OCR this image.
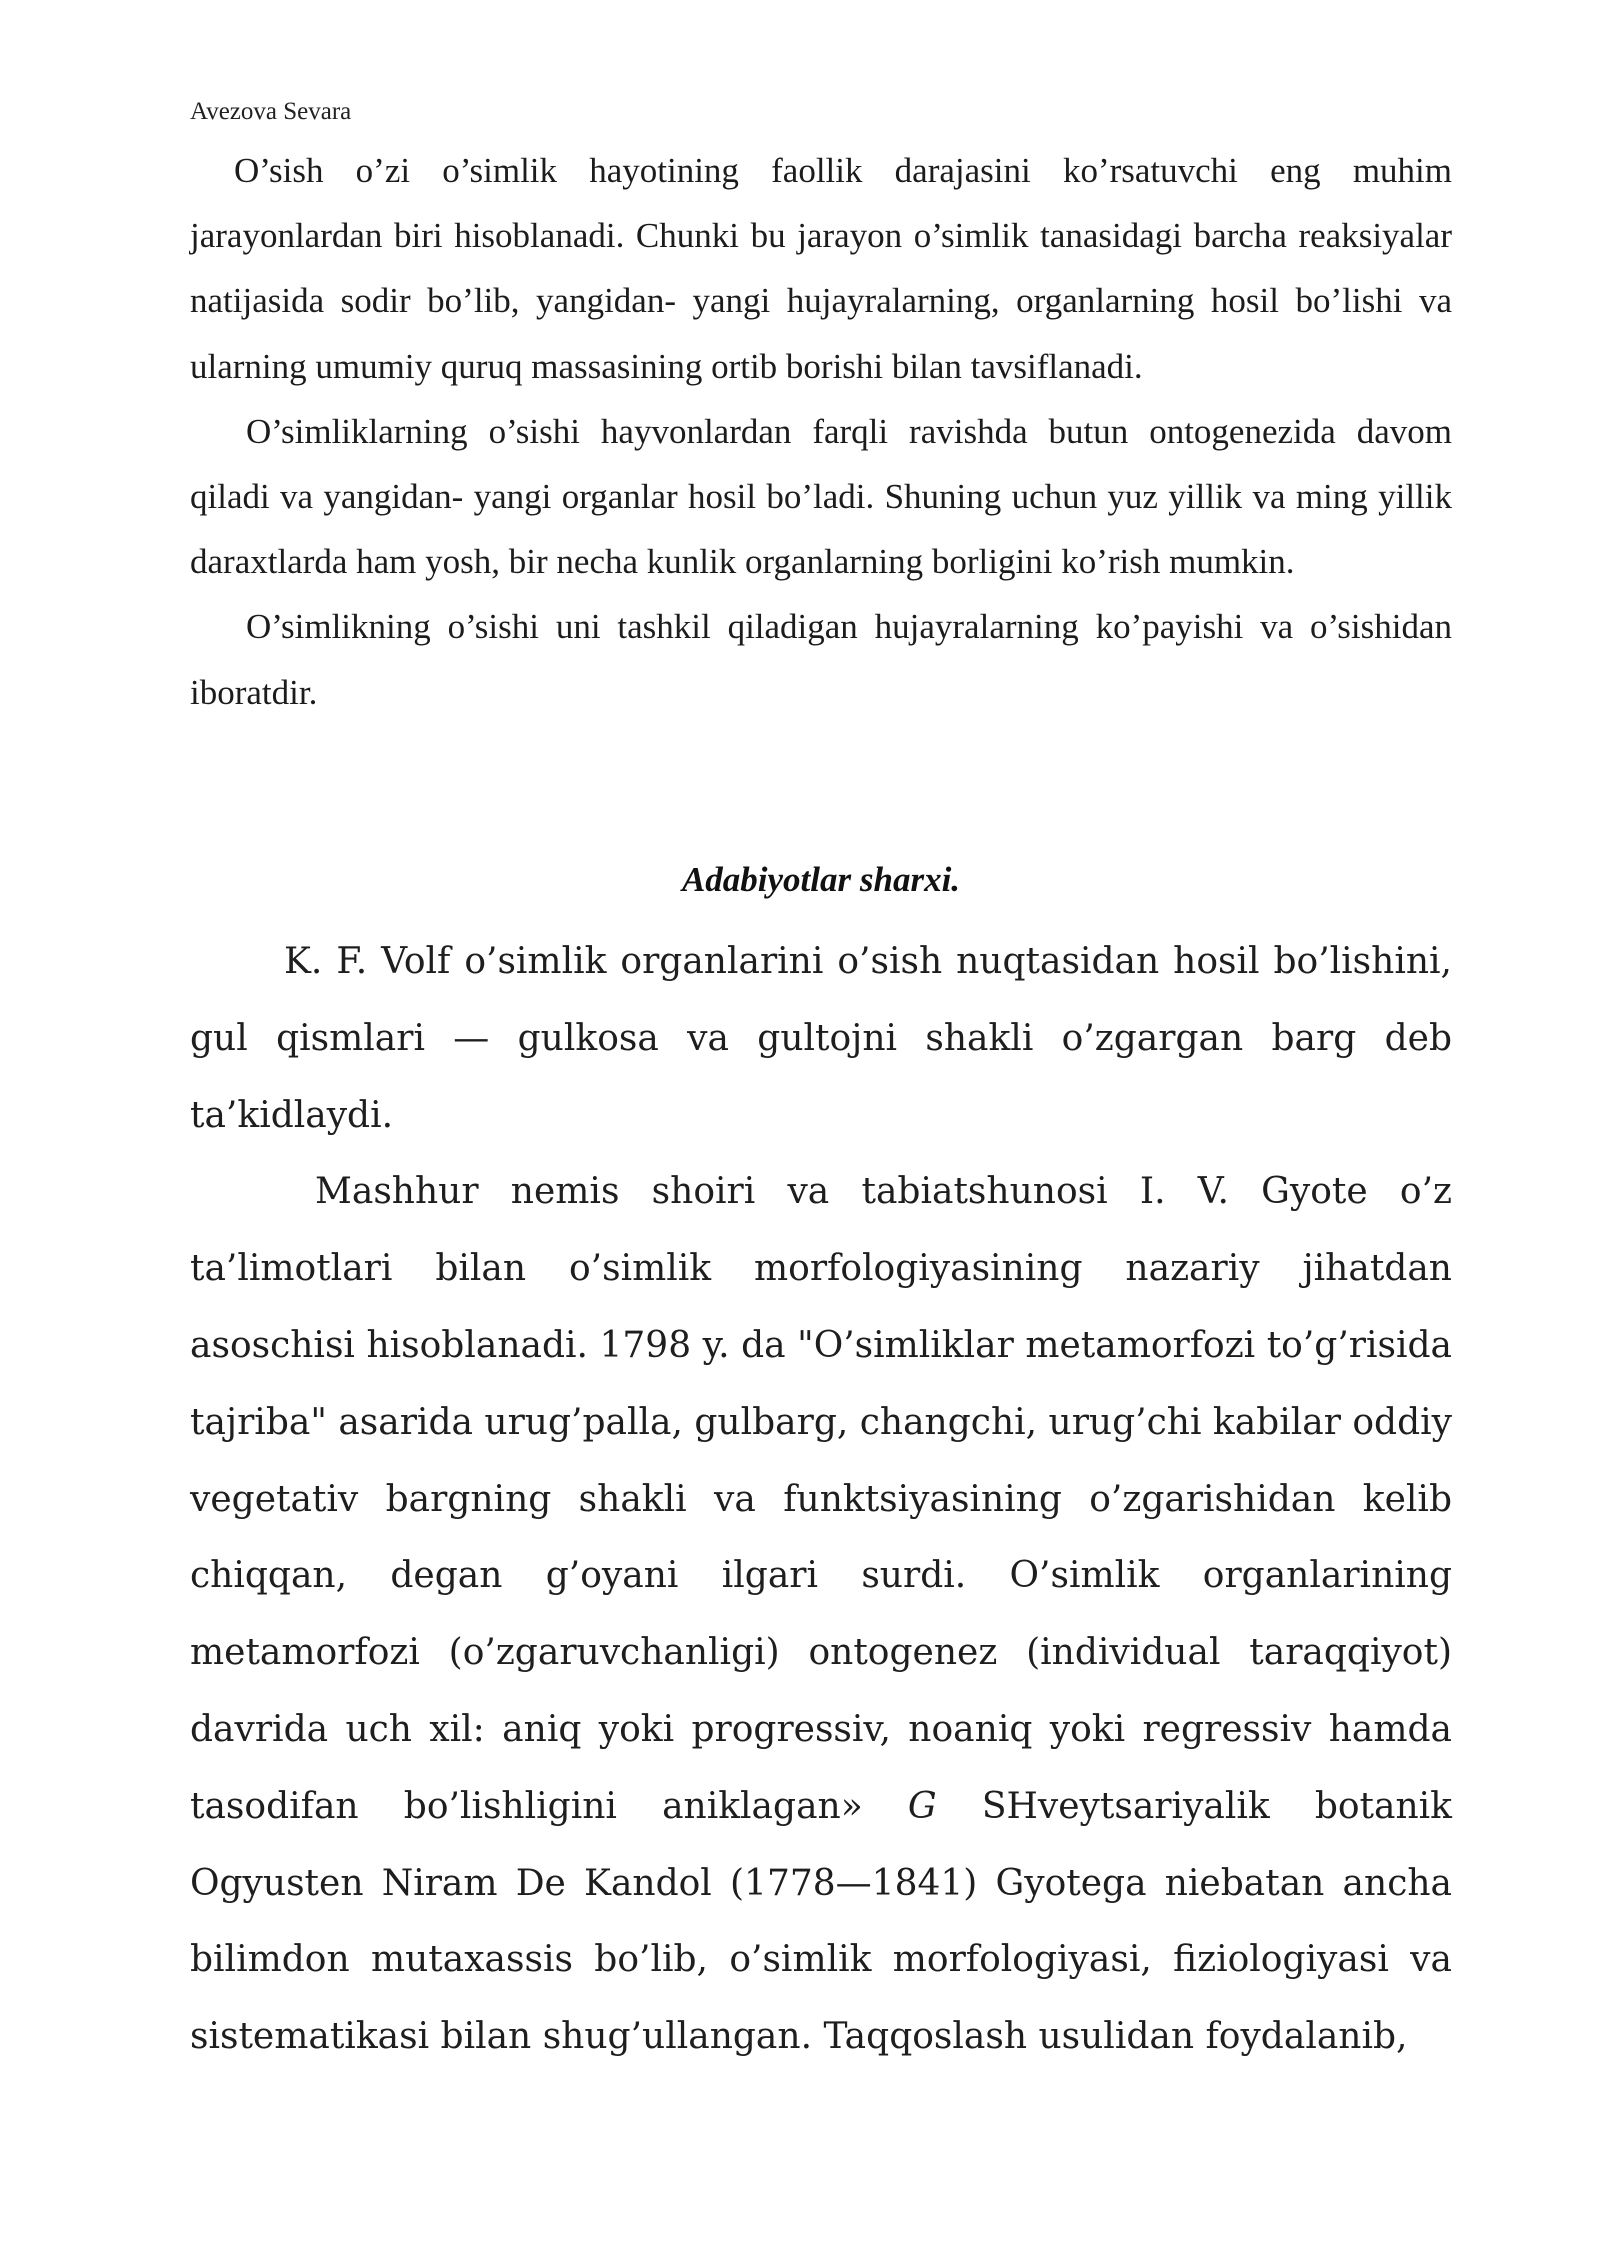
Avezova Sevara

O’sish o’zi o’simlik hayotining faollik darajasini ko’rsatuvchi eng muhim jarayonlardan biri hisoblanadi. Chunki bu jarayon o’simlik tanasidagi barcha reaksiyalar natijasida sodir bo’lib, yangidan- yangi hujayralarning, organlarning hosil bo’lishi va ularning umumiy quruq massasining ortib borishi bilan tavsiflanadi.

O’simliklarning o’sishi hayvonlardan farqli ravishda butun ontogenezida davom qiladi va yangidan- yangi organlar hosil bo’ladi. Shuning uchun yuz yillik va ming yillik daraxtlarda ham yosh, bir necha kunlik organlarning borligini ko’rish mumkin.

O’simlikning o’sishi uni tashkil qiladigan hujayralarning ko’payishi va o’sishidan iboratdir.

Adabiyotlar sharxi.

K. F. Volf o’simlik organlarini o’sish nuqtasidan hosil bo’lishini, gul qismlari — gulkosa va gultojni shakli o’zgargan barg deb ta’kidlaydi.

Mashhur nemis shoiri va tabiatshunosi I. V. Gyote o’z ta’limotlari bilan o’simlik morfologiyasining nazariy jihatdan asoschisi hisoblanadi. 1798 y. da "O’simliklar metamorfozi to’g’risida tajriba" asarida urug’palla, gulbarg, changchi, urug’chi kabilar oddiy vegetativ bargning shakli va funktsiyasining o’zgarishidan kelib chiqqan, degan g’oyani ilgari surdi. O’simlik organlarining metamorfozi (o’zgaruvchanligi) ontogenez (individual taraqqiyot) davrida uch xil: aniq yoki progressiv, noaniq yoki regressiv hamda tasodifan bo’lishligini aniklagan» G SHveytsariyalik botanik Ogyusten Niram De Kandol (1778—1841) Gyotega niebatan ancha bilimdon mutaxassis bo’lib, o’simlik morfologiyasi, fiziologiyasi va sistematikasi bilan shug’ullangan. Taqqoslash usulidan foydalanib,
